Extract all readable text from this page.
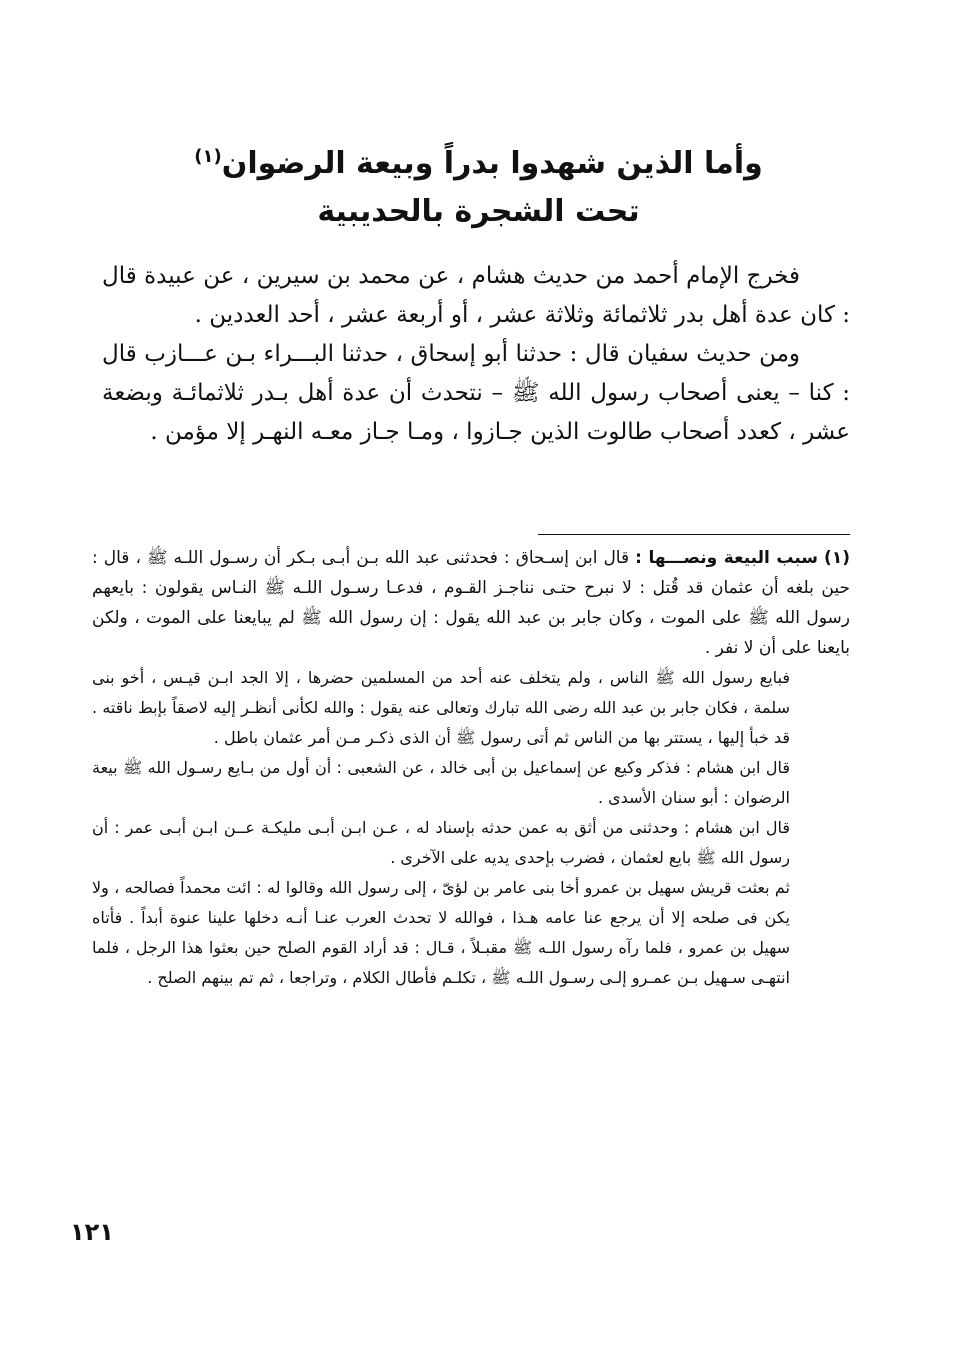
وأما الذين شهدوا بدراً وبيعة الرضوان$^{(١)}$
تحت الشجرة بالحديبية

فخرج الإمام أحمد من حديث هشام ، عن محمد بن سيرين ، عن عبيدة قال : كان عدة أهل بدر ثلاثمائة وثلاثة عشر ، أو أربعة عشر ، أحد العددين .

ومن حديث سفيان قال : حدثنا أبو إسحاق ، حدثنا البـــراء بـن عـــازب قال : كنا – يعنى أصحاب رسول الله ﷺ – نتحدث أن عدة أهل بـدر ثلاثمائـة وبضعة عشر ، كعدد أصحاب طالوت الذين جـازوا ، ومـا جـاز معـه النهـر إلا مؤمن .

(١) سبب البيعة ونصـــها : قال ابن إسـحاق : فحدثنى عبد الله بـن أبـى بـكر أن رسـول اللـه ﷺ ، قال : حين بلغه أن عثمان قد قُتل : لا نبرح حتـى نناجـز القـوم ، فدعـا رسـول اللـه ﷺ النـاس يقولون : بايعهم رسول الله ﷺ على الموت ، وكان جابر بن عبد الله يقول : إن رسول الله ﷺ لم يبايعنا على الموت ، ولكن بايعنا على أن لا نفر .

فبايع رسول الله ﷺ الناس ، ولم يتخلف عنه أحد من المسلمين حضرها ، إلا الجد ابـن قيـس ، أخو بنى سلمة ، فكان جابر بن عبد الله رضى الله تبارك وتعالى عنه يقول : والله لكأنى أنظـر إليه لاصقاً بإبط ناقته . قد خبأ إليها ، يستتر بها من الناس ثم أتى رسول ﷺ أن الذى ذكـر مـن أمر عثمان باطل .

قال ابن هشام : فذكر وكيع عن إسماعيل بن أبى خالد ، عن الشعبى : أن أول من بـايع رسـول الله ﷺ بيعة الرضوان : أبو سنان الأسدى .

قال ابن هشام : وحدثنى من أثق به عمن حدثه بإسناد له ، عـن ابـن أبـى مليكـة عــن ابـن أبـى عمر : أن رسول الله ﷺ بايع لعثمان ، فضرب بإحدى يديه على الآخرى .

ثم بعثت قريش سهيل بن عمرو أخا بنى عامر بن لؤىّ ، إلى رسول الله وقالوا له : ائت محمداً فصالحه ، ولا يكن فى صلحه إلا أن يرجع عنا عامه هـذا ، فوالله لا تحدث العرب عنـا أنـه دخلها علينا عنوة أبداً . فأتاه سهيل بن عمرو ، فلما رآه رسول اللـه ﷺ مقبـلاً ، قـال : قد أراد القوم الصلح حين بعثوا هذا الرجل ، فلما انتهـى سـهيل بـن عمـرو إلـى رسـول اللـه ﷺ ، تكلـم فأطال الكلام ، وتراجعا ، ثم تم بينهم الصلح .

١٢١
